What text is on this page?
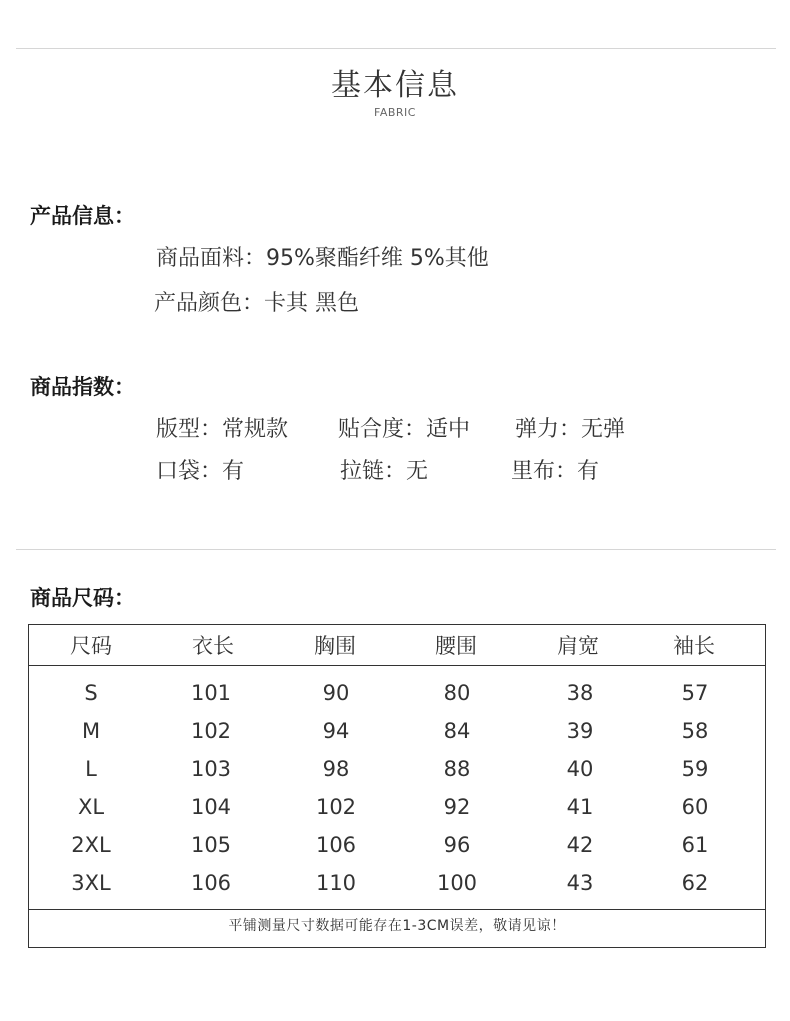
基本信息
FABRIC
产品信息：
商品面料：95%聚酯纤维 5%其他
产品颜色：卡其 黑色
商品指数：
版型：常规款 贴合度：适中 弹力：无弹
口袋：有	拉链：无	里布：有
商品尺码：
尺码	衣长	胸围	腰围	肩宽	袖长
S	101	90	80	38	57
M	102	94	84	39	58
L	103	98	88	40	59
XL	104	102	92	41	60
2XL	105	106	96	42	61
3XL	106	110	100	43	62
平铺测量尺寸数据可能存在1-3CM误差，敬请见谅！
